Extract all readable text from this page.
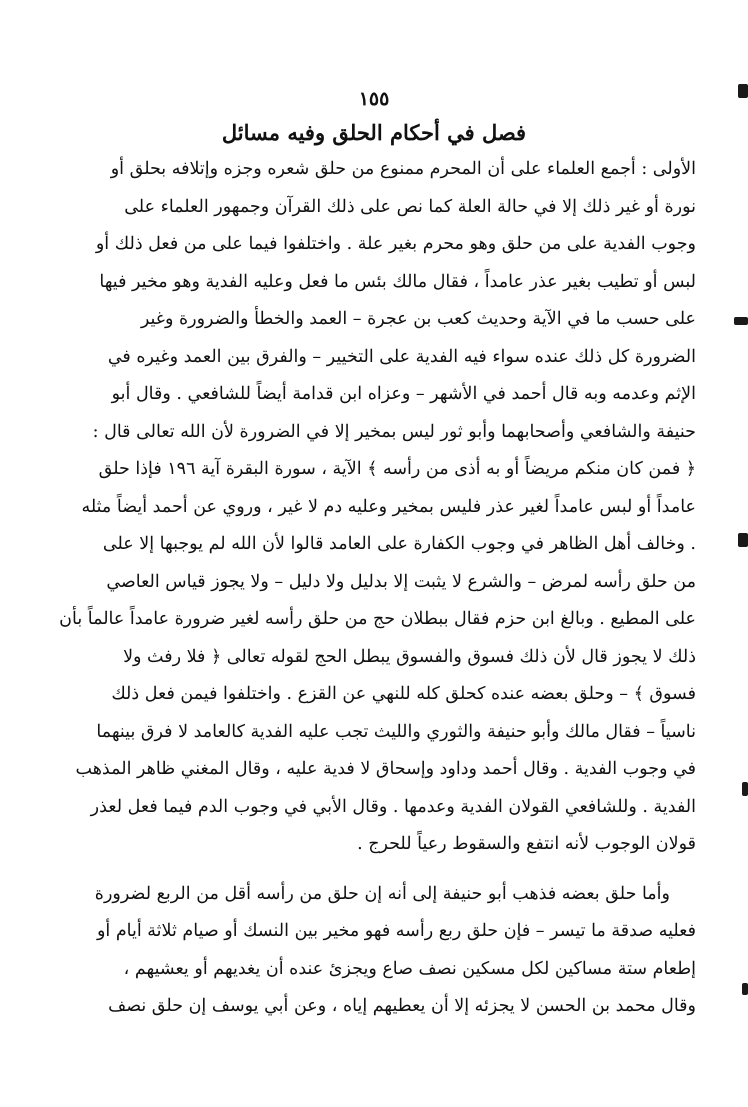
١٥٥
فصل في أحكام الحلق وفيه مسائل
الأولى : أجمع العلماء على أن المحرم ممنوع من حلق شعره وجزه وإتلافه بحلق أو
نورة أو غير ذلك إلا في حالة العلة كما نص على ذلك القرآن وجمهور العلماء على
وجوب الفدية على من حلق وهو محرم بغير علة . واختلفوا فيما على من فعل ذلك أو
لبس أو تطيب بغير عذر عامداً ، فقال مالك بئس ما فعل وعليه الفدية وهو مخير فيها
على حسب ما في الآية وحديث كعب بن عجرة – العمد والخطأ والضرورة وغير
الضرورة كل ذلك عنده سواء فيه الفدية على التخيير – والفرق بين العمد وغيره في
الإثم وعدمه وبه قال أحمد في الأشهر – وعزاه ابن قدامة أيضاً للشافعي . وقال أبو
حنيفة والشافعي وأصحابهما وأبو ثور ليس بمخير إلا في الضرورة لأن الله تعالى قال :
﴿ فمن كان منكم مريضاً أو به أذى من رأسه ﴾ الآية ، سورة البقرة آية ١٩٦ فإذا حلق
عامداً أو لبس عامداً لغير عذر فليس بمخير وعليه دم لا غير ، وروي عن أحمد أيضاً مثله
. وخالف أهل الظاهر في وجوب الكفارة على العامد قالوا لأن الله لم يوجبها إلا على
من حلق رأسه لمرض – والشرع لا يثبت إلا بدليل ولا دليل – ولا يجوز قياس العاصي
على المطيع . وبالغ ابن حزم فقال ببطلان حج من حلق رأسه لغير ضرورة عامداً عالماً بأن
ذلك لا يجوز قال لأن ذلك فسوق والفسوق يبطل الحج لقوله تعالى ﴿ فلا رفث ولا
فسوق ﴾ – وحلق بعضه عنده كحلق كله للنهي عن القزع . واختلفوا فيمن فعل ذلك
ناسياً – فقال مالك وأبو حنيفة والثوري والليث تجب عليه الفدية كالعامد لا فرق بينهما
في وجوب الفدية . وقال أحمد وداود وإسحاق لا فدية عليه ، وقال المغني ظاهر المذهب
الفدية . وللشافعي القولان الفدية وعدمها . وقال الأبي في وجوب الدم فيما فعل لعذر
قولان الوجوب لأنه انتفع والسقوط رعياً للحرج .
وأما حلق بعضه فذهب أبو حنيفة إلى أنه إن حلق من رأسه أقل من الربع لضرورة
فعليه صدقة ما تيسر – فإن حلق ربع رأسه فهو مخير بين النسك أو صيام ثلاثة أيام أو
إطعام ستة مساكين لكل مسكين نصف صاع ويجزئ عنده أن يغديهم أو يعشيهم ،
وقال محمد بن الحسن لا يجزئه إلا أن يعطيهم إياه ، وعن أبي يوسف إن حلق نصف
